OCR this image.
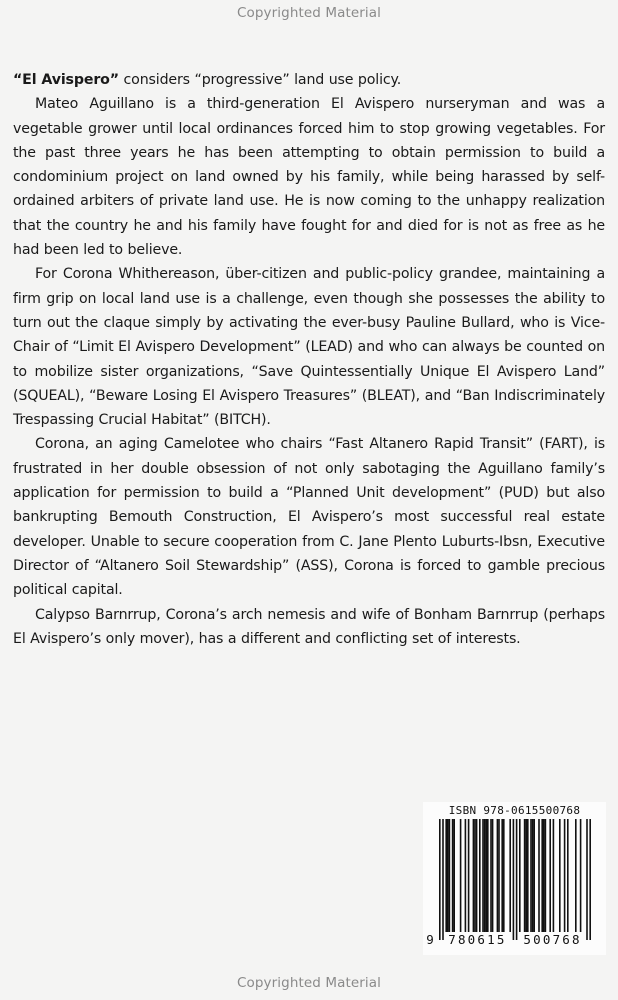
Copyrighted Material

“El Avispero” considers “progressive” land use policy.

Mateo Aguillano is a third-generation El Avispero nurseryman and was a vegetable grower until local ordinances forced him to stop growing vegetables. For the past three years he has been attempting to obtain permission to build a condominium project on land owned by his family, while being harassed by self-ordained arbiters of private land use. He is now coming to the unhappy realization that the country he and his family have fought for and died for is not as free as he had been led to believe.

For Corona Whithereason, über-citizen and public-policy grandee, maintaining a firm grip on local land use is a challenge, even though she possesses the ability to turn out the claque simply by activating the ever-busy Pauline Bullard, who is Vice-Chair of “Limit El Avispero Development” (LEAD) and who can always be counted on to mobilize sister organizations, “Save Quintessentially Unique El Avispero Land” (SQUEAL), “Beware Losing El Avispero Treasures” (BLEAT), and “Ban Indiscriminately Trespassing Crucial Habitat” (BITCH).

Corona, an aging Camelotee who chairs “Fast Altanero Rapid Transit” (FART), is frustrated in her double obsession of not only sabotaging the Aguillano family’s application for permission to build a “Planned Unit development” (PUD) but also bankrupting Bemouth Construction, El Avispero’s most successful real estate developer. Unable to secure cooperation from C. Jane Plento Luburts-Ibsn, Executive Director of “Altanero Soil Stewardship” (ASS), Corona is forced to gamble precious political capital.

Calypso Barnrrup, Corona’s arch nemesis and wife of Bonham Barnrrup (perhaps El Avispero’s only mover), has a different and conflicting set of interests.

9 780615 500768
ISBN 978-0615500768
Copyrighted Material
